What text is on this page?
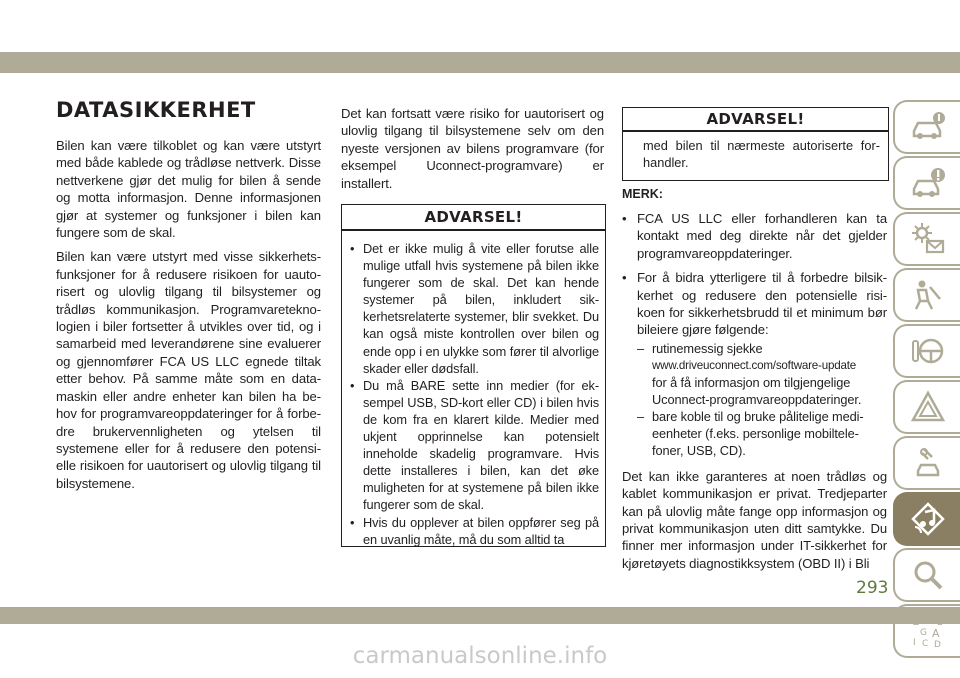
DATASIKKERHET

Bilen kan være tilkoblet og kan være utstyrt med både kablede og trådløse nettverk. Disse nettverkene gjør det mulig for bilen å sende og motta informasjon. Denne informasjonen gjør at systemer og funksjoner i bilen kan fungere som de skal.

Bilen kan være utstyrt med visse sikkerhets-funksjoner for å redusere risikoen for uauto-risert og ulovlig tilgang til bilsystemer og trådløs kommunikasjon. Programvaretekno-logien i biler fortsetter å utvikles over tid, og i samarbeid med leverandørene sine evaluerer og gjennomfører FCA US LLC egnede tiltak etter behov. På samme måte som en data-maskin eller andre enheter kan bilen ha be-hov for programvareoppdateringer for å forbe-dre brukervennligheten og ytelsen til systemene eller for å redusere den potensi-elle risikoen for uautorisert og ulovlig tilgang til bilsystemene.

Det kan fortsatt være risiko for uautorisert og ulovlig tilgang til bilsystemene selv om den nyeste versjonen av bilens programvare (for eksempel Uconnect-programvare) er installert.

ADVARSEL!
• Det er ikke mulig å vite eller forutse alle mulige utfall hvis systemene på bilen ikke fungerer som de skal. Det kan hende systemer på bilen, inkludert sik-kerhetsrelaterte systemer, blir svekket. Du kan også miste kontrollen over bilen og ende opp i en ulykke som fører til alvorlige skader eller dødsfall.
• Du må BARE sette inn medier (for ek-sempel USB, SD-kort eller CD) i bilen hvis de kom fra en klarert kilde. Medier med ukjent opprinnelse kan potensielt inneholde skadelig programvare. Hvis dette installeres i bilen, kan det øke muligheten for at systemene på bilen ikke fungerer som de skal.
• Hvis du opplever at bilen oppfører seg på en uvanlig måte, må du som alltid ta
ADVARSEL!

med bilen til nærmeste autoriserte for-handler.

MERK:
• FCA US LLC eller forhandleren kan ta kontakt med deg direkte når det gjelder programvareoppdateringer.
• For å bidra ytterligere til å forbedre bilsik-kerhet og redusere den potensielle risi-koen for sikkerhetsbrudd til et minimum bør bileiere gjøre følgende:
– rutinemessig sjekke
www.driveuconnect.com/software-update
for å få informasjon om tilgjengelige Uconnect-programvareoppdateringer.
– bare koble til og bruke pålitelige medi-eenheter (f.eks. personlige mobiltele-foner, USB, CD).

Det kan ikke garanteres at noen trådløs og kablet kommunikasjon er privat. Tredjeparter kan på ulovlig måte fange opp informasjon og privat kommunikasjon uten ditt samtykke. Du finner mer informasjon under IT-sikkerhet for kjøretøyets diagnostikksystem (OBD II) i Bli

G A
I C D
293
carmanualsonline.info
